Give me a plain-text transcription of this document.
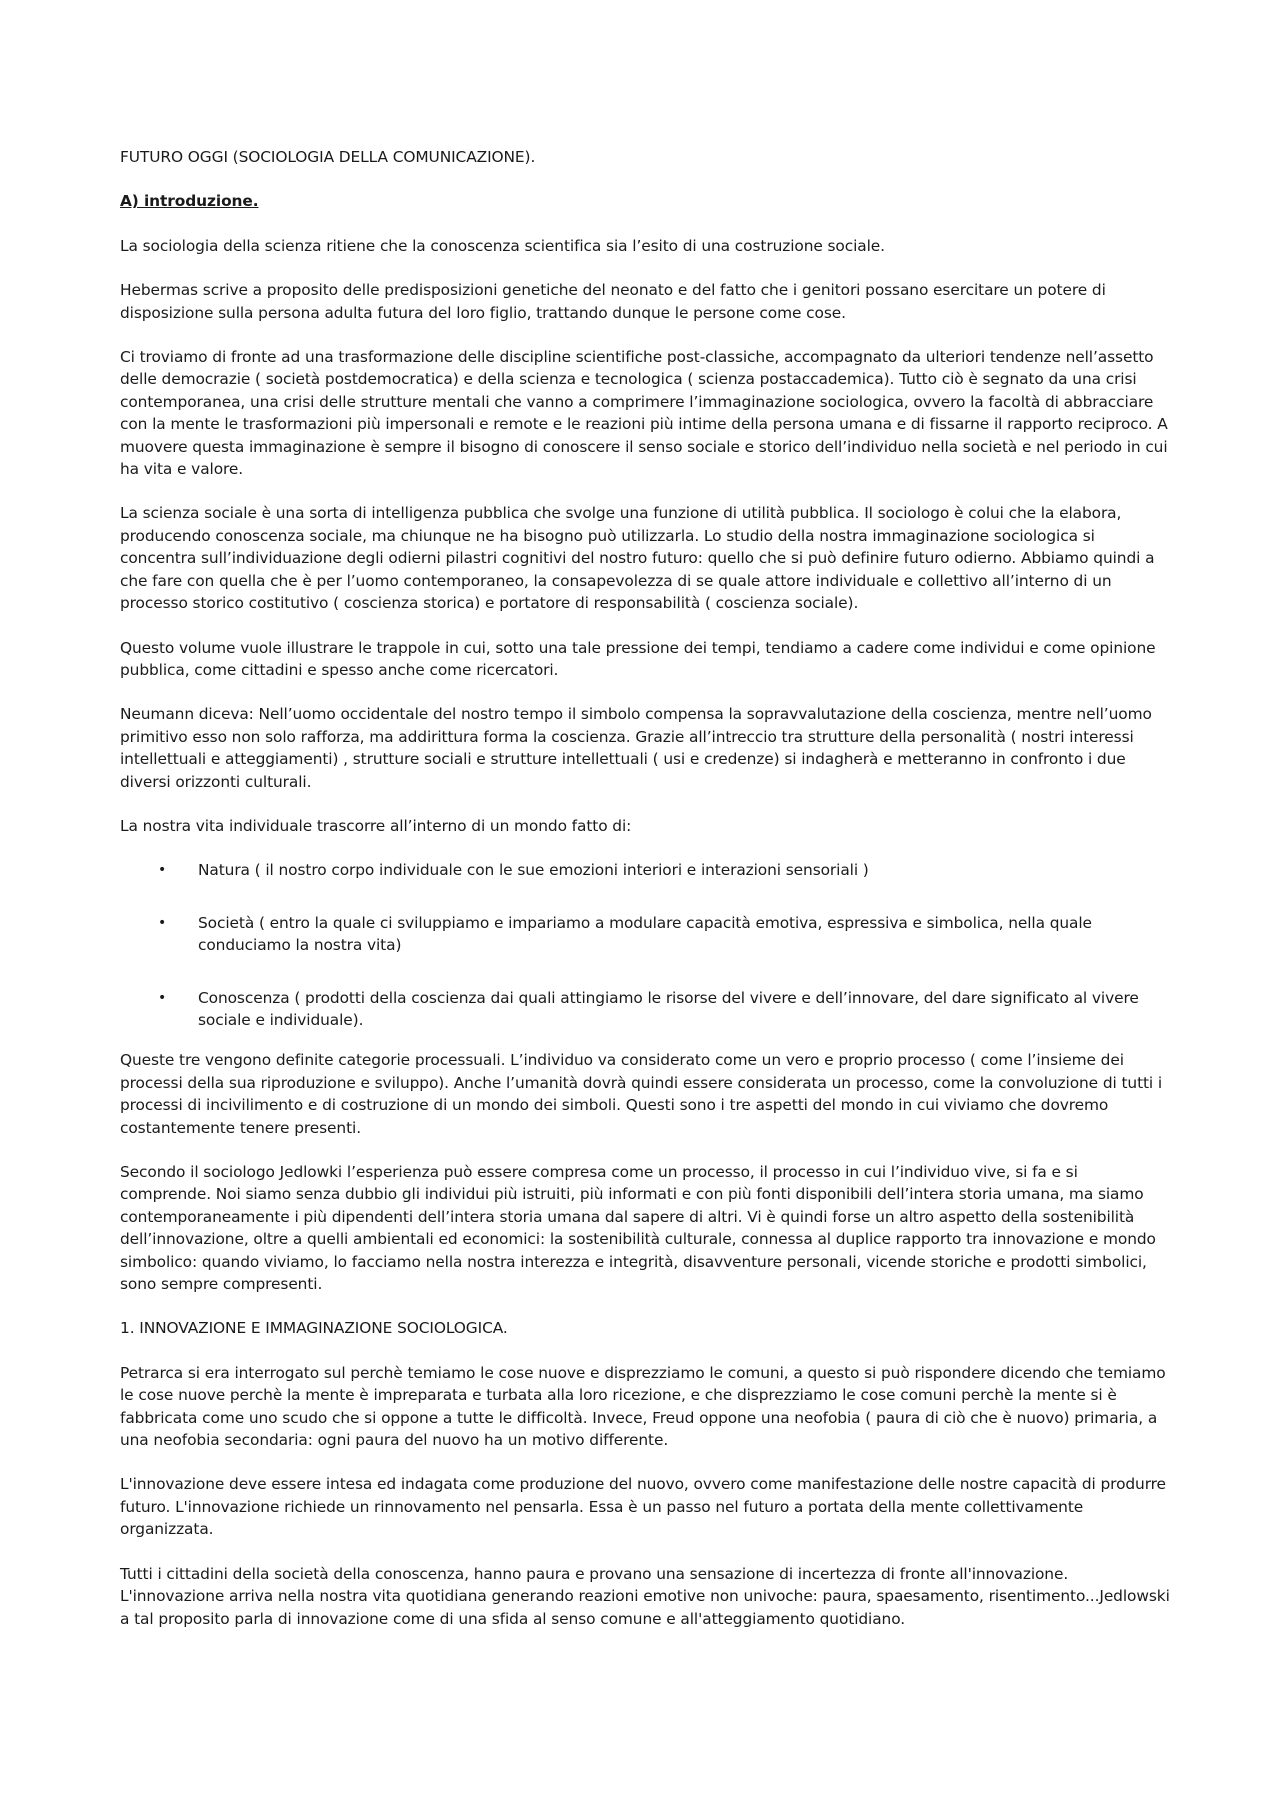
FUTURO OGGI (SOCIOLOGIA DELLA COMUNICAZIONE).

A) introduzione.

La sociologia della scienza ritiene che la conoscenza scientifica sia l’esito di una costruzione sociale.

Hebermas scrive a proposito delle predisposizioni genetiche del neonato e del fatto che i genitori possano esercitare un potere di disposizione sulla persona adulta futura del loro figlio, trattando dunque le persone come cose.

Ci troviamo di fronte ad una trasformazione delle discipline scientifiche post-classiche, accompagnato da ulteriori tendenze nell’assetto delle democrazie ( società postdemocratica) e della scienza e tecnologica ( scienza postaccademica). Tutto ciò è segnato da una crisi contemporanea, una crisi delle strutture mentali che vanno a comprimere l’immaginazione sociologica, ovvero la facoltà di abbracciare con la mente le trasformazioni più impersonali e remote e le reazioni più intime della persona umana e di fissarne il rapporto reciproco. A muovere questa immaginazione è sempre il bisogno di conoscere il senso sociale e storico dell’individuo nella società e nel periodo in cui ha vita e valore.

La scienza sociale è una sorta di intelligenza pubblica che svolge una funzione di utilità pubblica. Il sociologo è colui che la elabora, producendo conoscenza sociale, ma chiunque ne ha bisogno può utilizzarla. Lo studio della nostra immaginazione sociologica si concentra sull’individuazione degli odierni pilastri cognitivi del nostro futuro: quello che si può definire futuro odierno. Abbiamo quindi a che fare con quella che è per l’uomo contemporaneo, la consapevolezza di se quale attore individuale e collettivo all’interno di un processo storico costitutivo ( coscienza storica) e portatore di responsabilità ( coscienza sociale).

Questo volume vuole illustrare le trappole in cui, sotto una tale pressione dei tempi, tendiamo a cadere come individui e come opinione pubblica, come cittadini e spesso anche come ricercatori.

Neumann diceva: Nell’uomo occidentale del nostro tempo il simbolo compensa la sopravvalutazione della coscienza, mentre nell’uomo primitivo esso non solo rafforza, ma addirittura forma la coscienza. Grazie all’intreccio tra strutture della personalità ( nostri interessi intellettuali e atteggiamenti) , strutture sociali e strutture intellettuali ( usi e credenze) si indagherà e metteranno in confronto i due diversi orizzonti culturali.

La nostra vita individuale trascorre all’interno di un mondo fatto di:

• Natura ( il nostro corpo individuale con le sue emozioni interiori e interazioni sensoriali )
• Società ( entro la quale ci sviluppiamo e impariamo a modulare capacità emotiva, espressiva e simbolica, nella quale conduciamo la nostra vita)
• Conoscenza ( prodotti della coscienza dai quali attingiamo le risorse del vivere e dell’innovare, del dare significato al vivere sociale e individuale).

Queste tre vengono definite categorie processuali. L’individuo va considerato come un vero e proprio processo ( come l’insieme dei processi della sua riproduzione e sviluppo). Anche l’umanità dovrà quindi essere considerata un processo, come la convoluzione di tutti i processi di incivilimento e di costruzione di un mondo dei simboli. Questi sono i tre aspetti del mondo in cui viviamo che dovremo costantemente tenere presenti.

Secondo il sociologo Jedlowki l’esperienza può essere compresa come un processo, il processo in cui l’individuo vive, si fa e si comprende. Noi siamo senza dubbio gli individui più istruiti, più informati e con più fonti disponibili dell’intera storia umana, ma siamo contemporaneamente i più dipendenti dell’intera storia umana dal sapere di altri. Vi è quindi forse un altro aspetto della sostenibilità dell’innovazione, oltre a quelli ambientali ed economici: la sostenibilità culturale, connessa al duplice rapporto tra innovazione e mondo simbolico: quando viviamo, lo facciamo nella nostra interezza e integrità, disavventure personali, vicende storiche e prodotti simbolici, sono sempre compresenti.

1. INNOVAZIONE E IMMAGINAZIONE SOCIOLOGICA.

Petrarca si era interrogato sul perchè temiamo le cose nuove e disprezziamo le comuni, a questo si può rispondere dicendo che temiamo le cose nuove perchè la mente è impreparata e turbata alla loro ricezione, e che disprezziamo le cose comuni perchè la mente si è fabbricata come uno scudo che si oppone a tutte le difficoltà. Invece, Freud oppone una neofobia ( paura di ciò che è nuovo) primaria, a una neofobia secondaria: ogni paura del nuovo ha un motivo differente.

L'innovazione deve essere intesa ed indagata come produzione del nuovo, ovvero come manifestazione delle nostre capacità di produrre futuro. L'innovazione richiede un rinnovamento nel pensarla. Essa è un passo nel futuro a portata della mente collettivamente organizzata.

Tutti i cittadini della società della conoscenza, hanno paura e provano una sensazione di incertezza di fronte all'innovazione. L'innovazione arriva nella nostra vita quotidiana generando reazioni emotive non univoche: paura, spaesamento, risentimento...Jedlowski a tal proposito parla di innovazione come di una sfida al senso comune e all'atteggiamento quotidiano.
